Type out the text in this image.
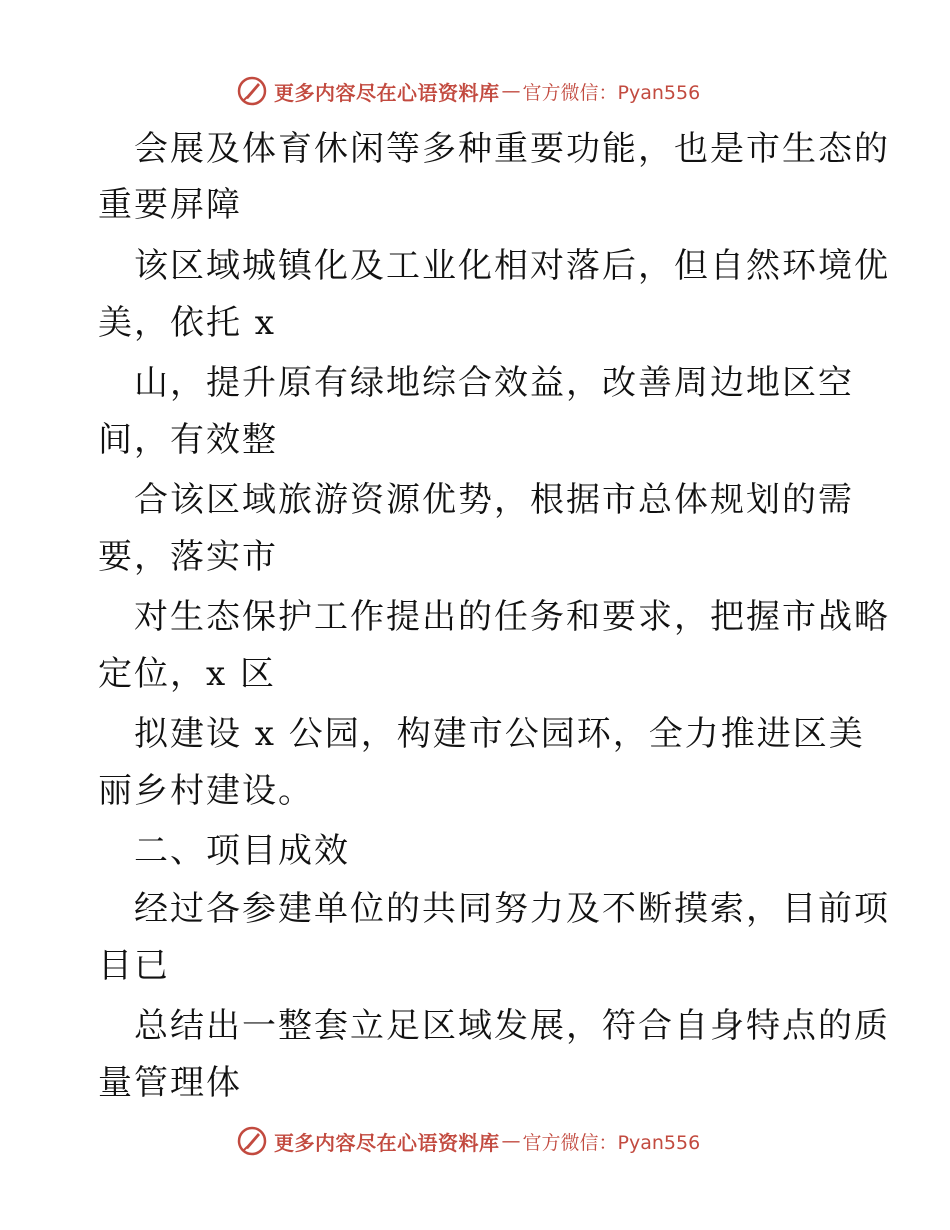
更多内容尽在心语资料库 — 官方微信：Pyan556
会展及体育休闲等多种重要功能，也是市生态的
重要屏障
该区域城镇化及工业化相对落后，但自然环境优
美，依托 x
山，提升原有绿地综合效益，改善周边地区空
间，有效整
合该区域旅游资源优势，根据市总体规划的需
要，落实市
对生态保护工作提出的任务和要求，把握市战略
定位，x 区
拟建设 x 公园，构建市公园环，全力推进区美
丽乡村建设。
二、项目成效
经过各参建单位的共同努力及不断摸索，目前项
目已
总结出一整套立足区域发展，符合自身特点的质
量管理体
更多内容尽在心语资料库 — 官方微信：Pyan556
